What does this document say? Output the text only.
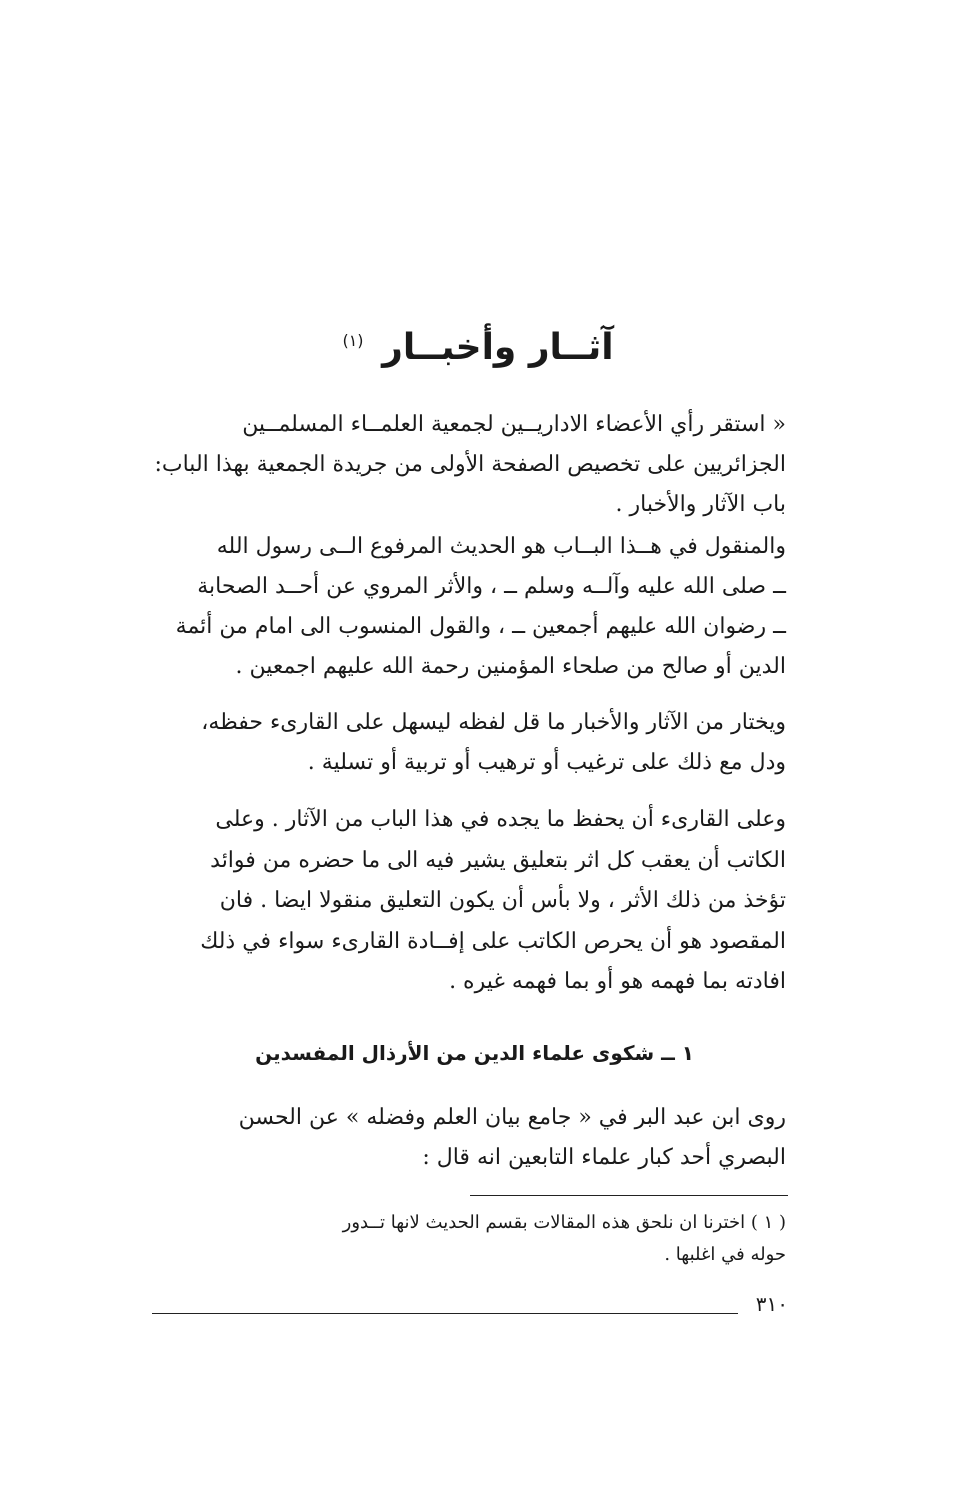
آثــار وأخبــار $^{(١)}$

« استقر رأي الأعضاء الاداريــين لجمعية العلمــاء المسلمــين

الجزائريين على تخصيص الصفحة الأولى من جريدة الجمعية بهذا الباب:

باب الآثار والأخبار .

والمنقول في هــذا البــاب هو الحديث المرفوع الــى رسول الله

ــ صلى الله عليه وآلــه وسلم ــ ، والأثر المروي عن أحــد الصحابة

ــ رضوان الله عليهم أجمعين ــ ، والقول المنسوب الى امام من أئمة

الدين أو صالح من صلحاء المؤمنين رحمة الله عليهم اجمعين .

ويختار من الآثار والأخبار ما قل لفظه ليسهل على القارىء حفظه،

ودل مع ذلك على ترغيب أو ترهيب أو تربية أو تسلية .

وعلى القارىء أن يحفظ ما يجده في هذا الباب من الآثار . وعلى

الكاتب أن يعقب كل اثر بتعليق يشير فيه الى ما حضره من فوائد

تؤخذ من ذلك الأثر ، ولا بأس أن يكون التعليق منقولا ايضا . فان

المقصود هو أن يحرص الكاتب على إفــادة القارىء سواء في ذلك

افادته بما فهمه هو أو بما فهمه غيره .

١ ــ شكوى علماء الدين من الأرذال المفسدين

روى ابن عبد البر في « جامع بيان العلم وفضله » عن الحسن

البصري أحد كبار علماء التابعين انه قال :

( ١ ) اخترنا ان نلحق هذه المقالات بقسم الحديث لانها تــدور

حوله في اغلبها .

٣١٠
